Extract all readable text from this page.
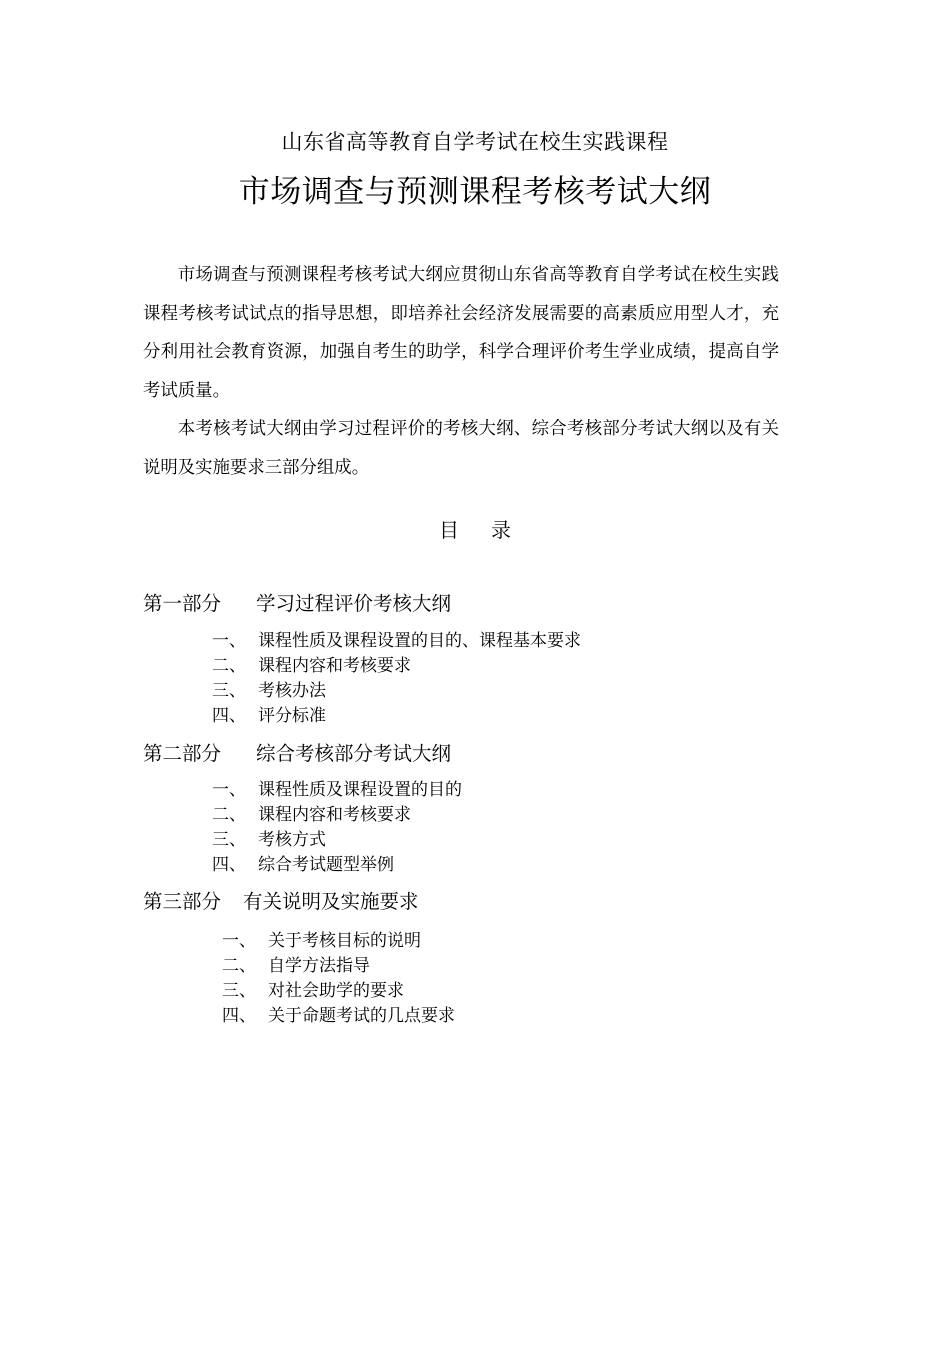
山东省高等教育自学考试在校生实践课程
市场调查与预测课程考核考试大纲

市场调查与预测课程考核考试大纲应贯彻山东省高等教育自学考试在校生实践课程考核考试试点的指导思想，即培养社会经济发展需要的高素质应用型人才，充分利用社会教育资源，加强自考生的助学，科学合理评价考生学业成绩，提高自学考试质量。

本考核考试大纲由学习过程评价的考核大纲、综合考核部分考试大纲以及有关说明及实施要求三部分组成。

目 录
第一部分 学习过程评价考核大纲
一、 课程性质及课程设置的目的、课程基本要求
二、 课程内容和考核要求
三、 考核办法
四、 评分标准
第二部分 综合考核部分考试大纲
一、 课程性质及课程设置的目的
二、 课程内容和考核要求
三、 考核方式
四、 综合考试题型举例
第三部分 有关说明及实施要求
一、 关于考核目标的说明
二、 自学方法指导
三、 对社会助学的要求
四、 关于命题考试的几点要求
